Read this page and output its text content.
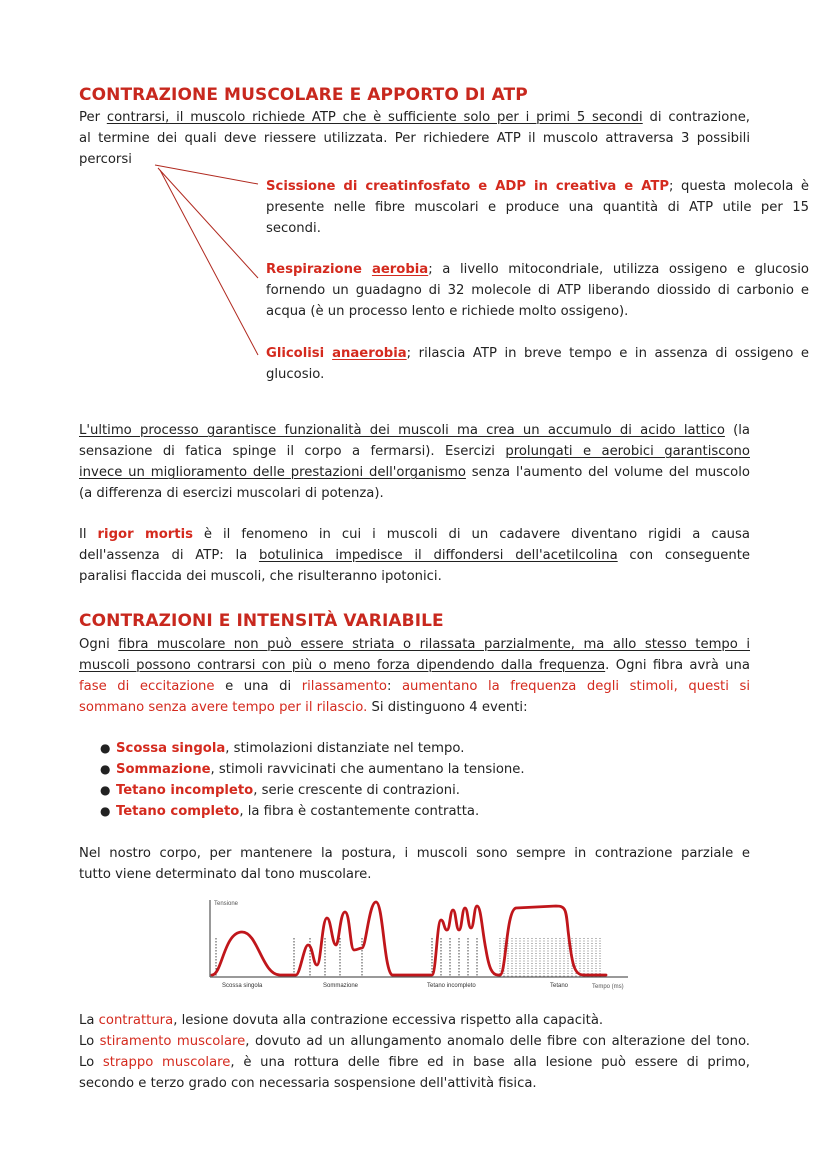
CONTRAZIONE MUSCOLARE E APPORTO DI ATP
Per contrarsi, il muscolo richiede ATP che è sufficiente solo per i primi 5 secondi di contrazione,
al termine dei quali deve riessere utilizzata. Per richiedere ATP il muscolo attraversa 3 possibili
percorsi
Scissione di creatinfosfato e ADP in creativa e ATP; questa molecola è
presente nelle fibre muscolari e produce una quantità di ATP utile per 15
secondi.
Respirazione aerobia; a livello mitocondriale, utilizza ossigeno e glucosio
fornendo un guadagno di 32 molecole di ATP liberando diossido di carbonio e
acqua (è un processo lento e richiede molto ossigeno).
Glicolisi anaerobia; rilascia ATP in breve tempo e in assenza di ossigeno e
glucosio.
L'ultimo processo garantisce funzionalità dei muscoli ma crea un accumulo di acido lattico (la
sensazione di fatica spinge il corpo a fermarsi). Esercizi prolungati e aerobici garantiscono
invece un miglioramento delle prestazioni dell'organismo senza l'aumento del volume del muscolo
(a differenza di esercizi muscolari di potenza).
Il rigor mortis è il fenomeno in cui i muscoli di un cadavere diventano rigidi a causa
dell'assenza di ATP: la botulinica impedisce il diffondersi dell'acetilcolina con conseguente
paralisi flaccida dei muscoli, che risulteranno ipotonici.
CONTRAZIONI E INTENSITÀ VARIABILE
Ogni fibra muscolare non può essere striata o rilassata parzialmente, ma allo stesso tempo i
muscoli possono contrarsi con più o meno forza dipendendo dalla frequenza. Ogni fibra avrà una
fase di eccitazione e una di rilassamento: aumentano la frequenza degli stimoli, questi si
sommano senza avere tempo per il rilascio. Si distinguono 4 eventi:
● Scossa singola, stimolazioni distanziate nel tempo.
● Sommazione, stimoli ravvicinati che aumentano la tensione.
● Tetano incompleto, serie crescente di contrazioni.
● Tetano completo, la fibra è costantemente contratta.
Nel nostro corpo, per mantenere la postura, i muscoli sono sempre in contrazione parziale e
tutto viene determinato dal tono muscolare.
Tensione
Tempo (ms)
Scossa singola	Sommazione	Tetano incompleto	Tetano
La contrattura, lesione dovuta alla contrazione eccessiva rispetto alla capacità.
Lo stiramento muscolare, dovuto ad un allungamento anomalo delle fibre con alterazione del tono.
Lo strappo muscolare, è una rottura delle fibre ed in base alla lesione può essere di primo,
secondo e terzo grado con necessaria sospensione dell'attività fisica.
